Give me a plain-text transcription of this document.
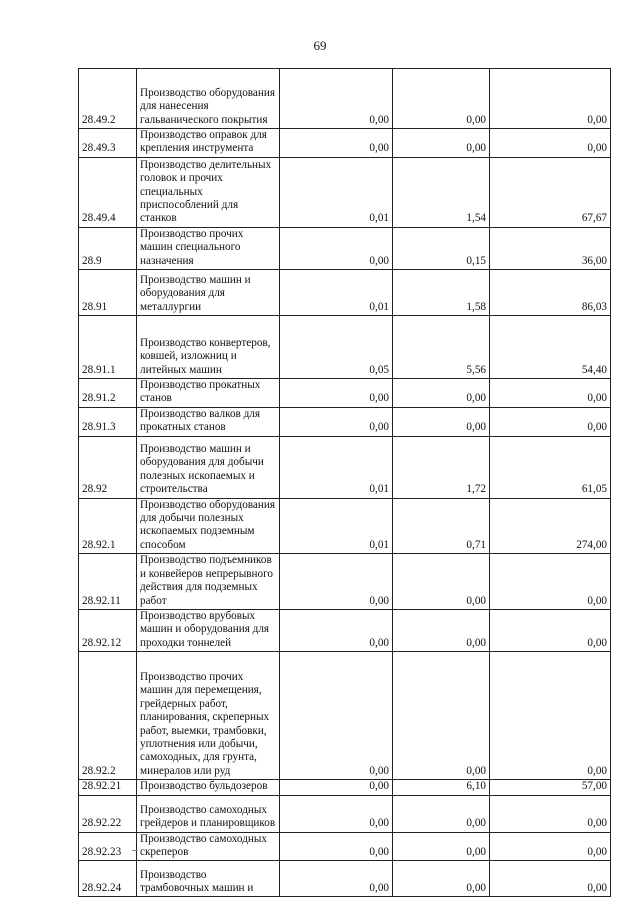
69
28.49.2	Производство оборудования для нанесения гальванического покрытия	0,00	0,00	0,00
28.49.3	Производство оправок для крепления инструмента	0,00	0,00	0,00
28.49.4	Производство делительных головок и прочих специальных приспособлений для станков	0,01	1,54	67,67
28.9	Производство прочих машин специального назначения	0,00	0,15	36,00
28.91	Производство машин и оборудования для металлургии	0,01	1,58	86,03
28.91.1	Производство конвертеров, ковшей, изложниц и литейных машин	0,05	5,56	54,40
28.91.2	Производство прокатных станов	0,00	0,00	0,00
28.91.3	Производство валков для прокатных станов	0,00	0,00	0,00
28.92	Производство машин и оборудования для добычи полезных ископаемых и строительства	0,01	1,72	61,05
28.92.1	Производство оборудования для добычи полезных ископаемых подземным способом	0,01	0,71	274,00
28.92.11	Производство подъемников и конвейеров непрерывного действия для подземных работ	0,00	0,00	0,00
28.92.12	Производство врубовых машин и оборудования для проходки тоннелей	0,00	0,00	0,00
28.92.2	Производство прочих машин для перемещения, грейдерных работ, планирования, скреперных работ, выемки, трамбовки, уплотнения или добычи, самоходных, для грунта, минералов или руд	0,00	0,00	0,00
28.92.21	Производство бульдозеров	0,00	6,10	57,00
28.92.22	Производство самоходных грейдеров и планировщиков	0,00	0,00	0,00
28.92.23	Производство самоходных скреперов	0,00	0,00	0,00
28.92.24	Производство трамбовочных машин и	0,00	0,00	0,00
